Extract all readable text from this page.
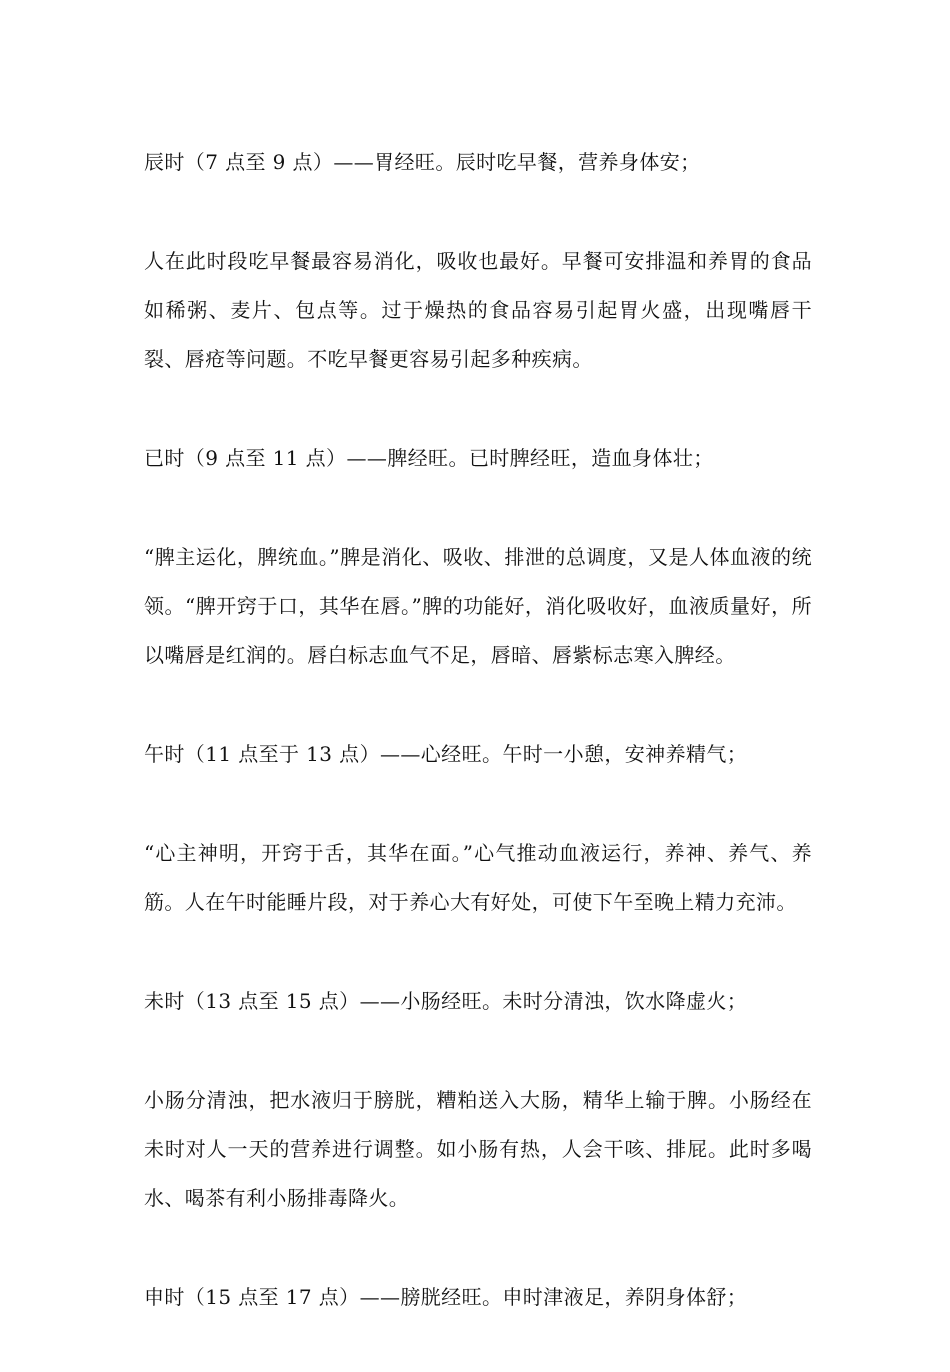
辰时（7 点至 9 点）——胃经旺。辰时吃早餐，营养身体安；

人在此时段吃早餐最容易消化，吸收也最好。早餐可安排温和养胃的食品如稀粥、麦片、包点等。过于燥热的食品容易引起胃火盛，出现嘴唇干裂、唇疮等问题。不吃早餐更容易引起多种疾病。

已时（9 点至 11 点）——脾经旺。已时脾经旺，造血身体壮；

“脾主运化，脾统血。”脾是消化、吸收、排泄的总调度，又是人体血液的统领。“脾开窍于口，其华在唇。”脾的功能好，消化吸收好，血液质量好，所以嘴唇是红润的。唇白标志血气不足，唇暗、唇紫标志寒入脾经。

午时（11 点至于 13 点）——心经旺。午时一小憩，安神养精气；

“心主神明，开窍于舌，其华在面。”心气推动血液运行，养神、养气、养筋。人在午时能睡片段，对于养心大有好处，可使下午至晚上精力充沛。

未时（13 点至 15 点）——小肠经旺。未时分清浊，饮水降虚火；

小肠分清浊，把水液归于膀胱，糟粕送入大肠，精华上输于脾。小肠经在未时对人一天的营养进行调整。如小肠有热，人会干咳、排屁。此时多喝水、喝茶有利小肠排毒降火。

申时（15 点至 17 点）——膀胱经旺。申时津液足，养阴身体舒；
